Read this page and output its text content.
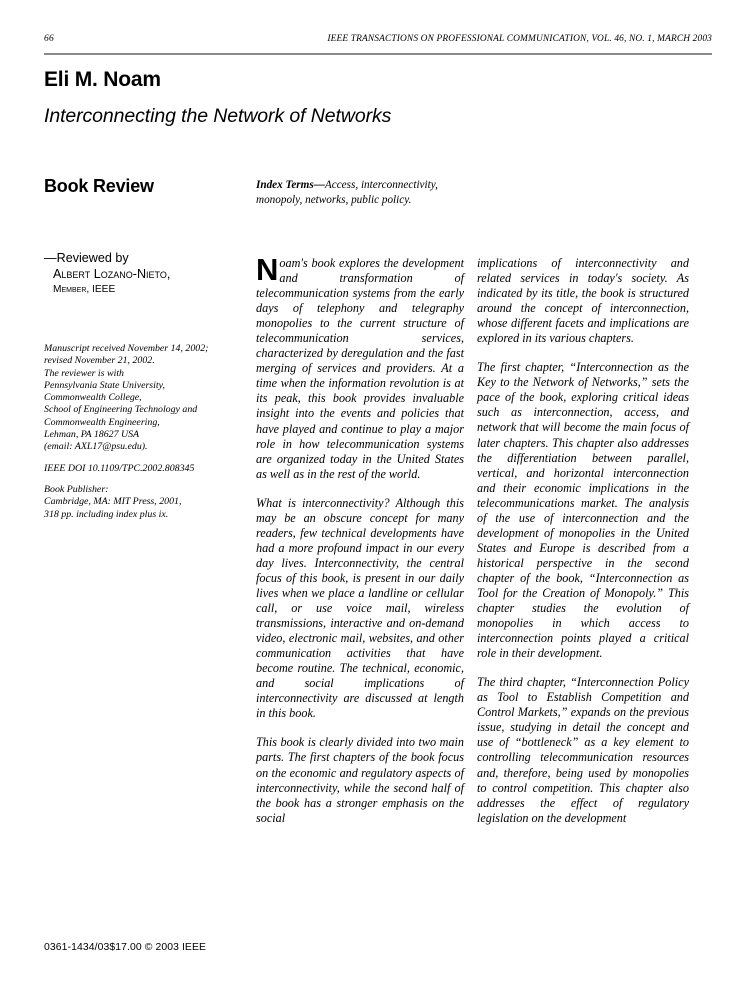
66	IEEE TRANSACTIONS ON PROFESSIONAL COMMUNICATION, VOL. 46, NO. 1, MARCH 2003
Eli M. Noam
Interconnecting the Network of Networks
Book Review	Index Terms—Access, interconnectivity, monopoly, networks, public policy.

—Reviewed by

Albert Lozano-Nieto,

Member, IEEE

Manuscript received November 14, 2002;

revised November 21, 2002.

The reviewer is with

Pennsylvania State University,

Commonwealth College,

School of Engineering Technology and

Commonwealth Engineering,

Lehman, PA 18627 USA

(email: AXL17@psu.edu).

IEEE DOI 10.1109/TPC.2002.808345

Book Publisher:

Cambridge, MA: MIT Press, 2001,

318 pp. including index plus ix.

Noam's book explores the development and transformation of telecommunication systems from the early days of telephony and telegraphy monopolies to the current structure of telecommunication services, characterized by deregulation and the fast merging of services and providers. At a time when the information revolution is at its peak, this book provides invaluable insight into the events and policies that have played and continue to play a major role in how telecommunication systems are organized today in the United States as well as in the rest of the world.

What is interconnectivity? Although this may be an obscure concept for many readers, few technical developments have had a more profound impact in our every day lives. Interconnectivity, the central focus of this book, is present in our daily lives when we place a landline or cellular call, or use voice mail, wireless transmissions, interactive and on-demand video, electronic mail, websites, and other communication activities that have become routine. The technical, economic, and social implications of interconnectivity are discussed at length in this book.

This book is clearly divided into two main parts. The first chapters of the book focus on the economic and regulatory aspects of interconnectivity, while the second half of the book has a stronger emphasis on the social

implications of interconnectivity and related services in today's society. As indicated by its title, the book is structured around the concept of interconnection, whose different facets and implications are explored in its various chapters.

The first chapter, “Interconnection as the Key to the Network of Networks,” sets the pace of the book, exploring critical ideas such as interconnection, access, and network that will become the main focus of later chapters. This chapter also addresses the differentiation between parallel, vertical, and horizontal interconnection and their economic implications in the telecommunications market. The analysis of the use of interconnection and the development of monopolies in the United States and Europe is described from a historical perspective in the second chapter of the book, “Interconnection as Tool for the Creation of Monopoly.” This chapter studies the evolution of monopolies in which access to interconnection points played a critical role in their development.

The third chapter, “Interconnection Policy as Tool to Establish Competition and Control Markets,” expands on the previous issue, studying in detail the concept and use of “bottleneck” as a key element to controlling telecommunication resources and, therefore, being used by monopolies to control competition. This chapter also addresses the effect of regulatory legislation on the development

0361-1434/03$17.00 © 2003 IEEE
